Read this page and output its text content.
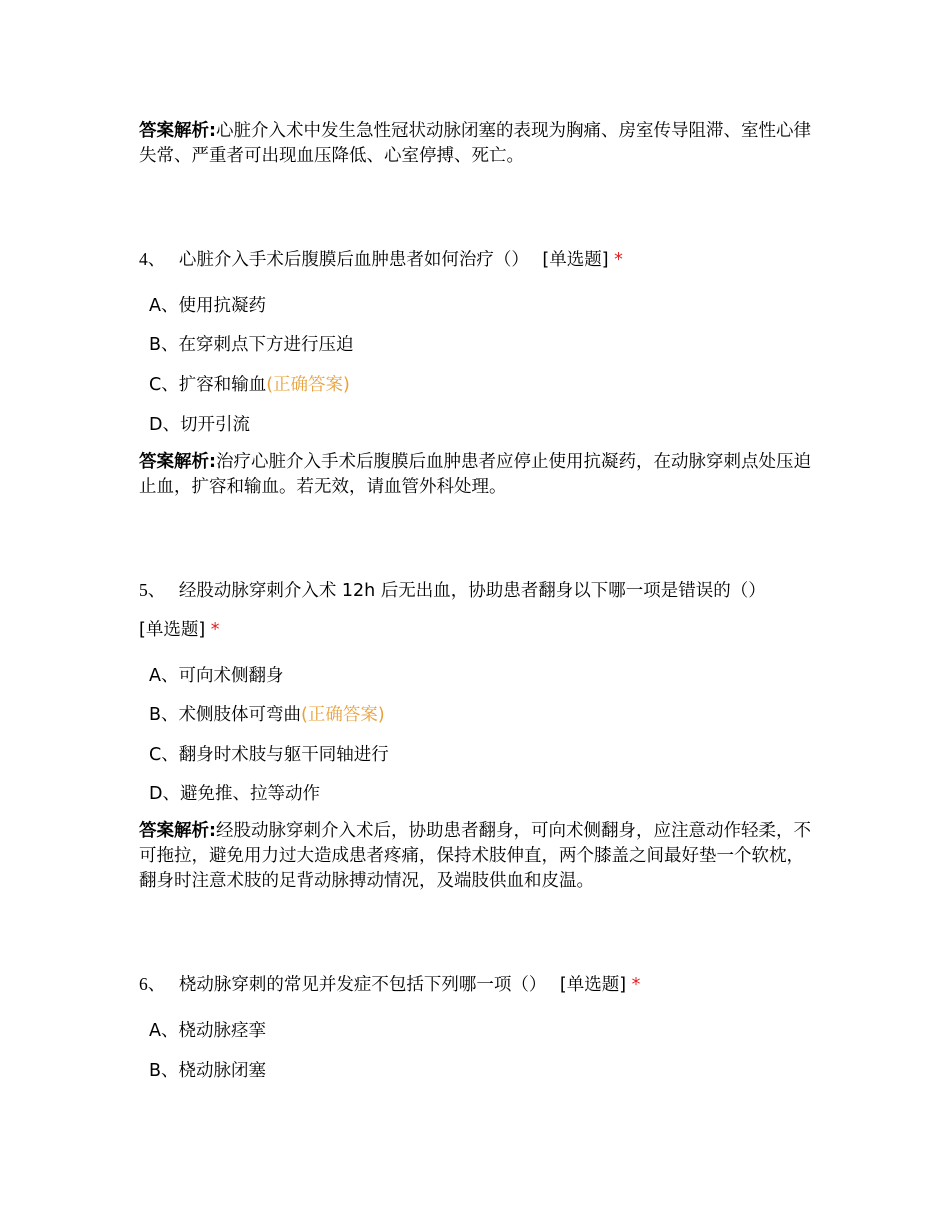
答案解析:心脏介入术中发生急性冠状动脉闭塞的表现为胸痛、房室传导阻滞、室性心律失常、严重者可出现血压降低、心室停搏、死亡。
4、 心脏介入手术后腹膜后血肿患者如何治疗（） [单选题] *
A、使用抗凝药
B、在穿刺点下方进行压迫
C、扩容和输血(正确答案)
D、切开引流
答案解析:治疗心脏介入手术后腹膜后血肿患者应停止使用抗凝药，在动脉穿刺点处压迫止血，扩容和输血。若无效，请血管外科处理。
5、 经股动脉穿刺介入术 12h 后无出血，协助患者翻身以下哪一项是错误的（）
[单选题] *
A、可向术侧翻身
B、术侧肢体可弯曲(正确答案)
C、翻身时术肢与躯干同轴进行
D、避免推、拉等动作
答案解析:经股动脉穿刺介入术后，协助患者翻身，可向术侧翻身，应注意动作轻柔，不可拖拉，避免用力过大造成患者疼痛，保持术肢伸直，两个膝盖之间最好垫一个软枕，翻身时注意术肢的足背动脉搏动情况，及端肢供血和皮温。
6、 桡动脉穿刺的常见并发症不包括下列哪一项（） [单选题] *
A、桡动脉痉挛
B、桡动脉闭塞
